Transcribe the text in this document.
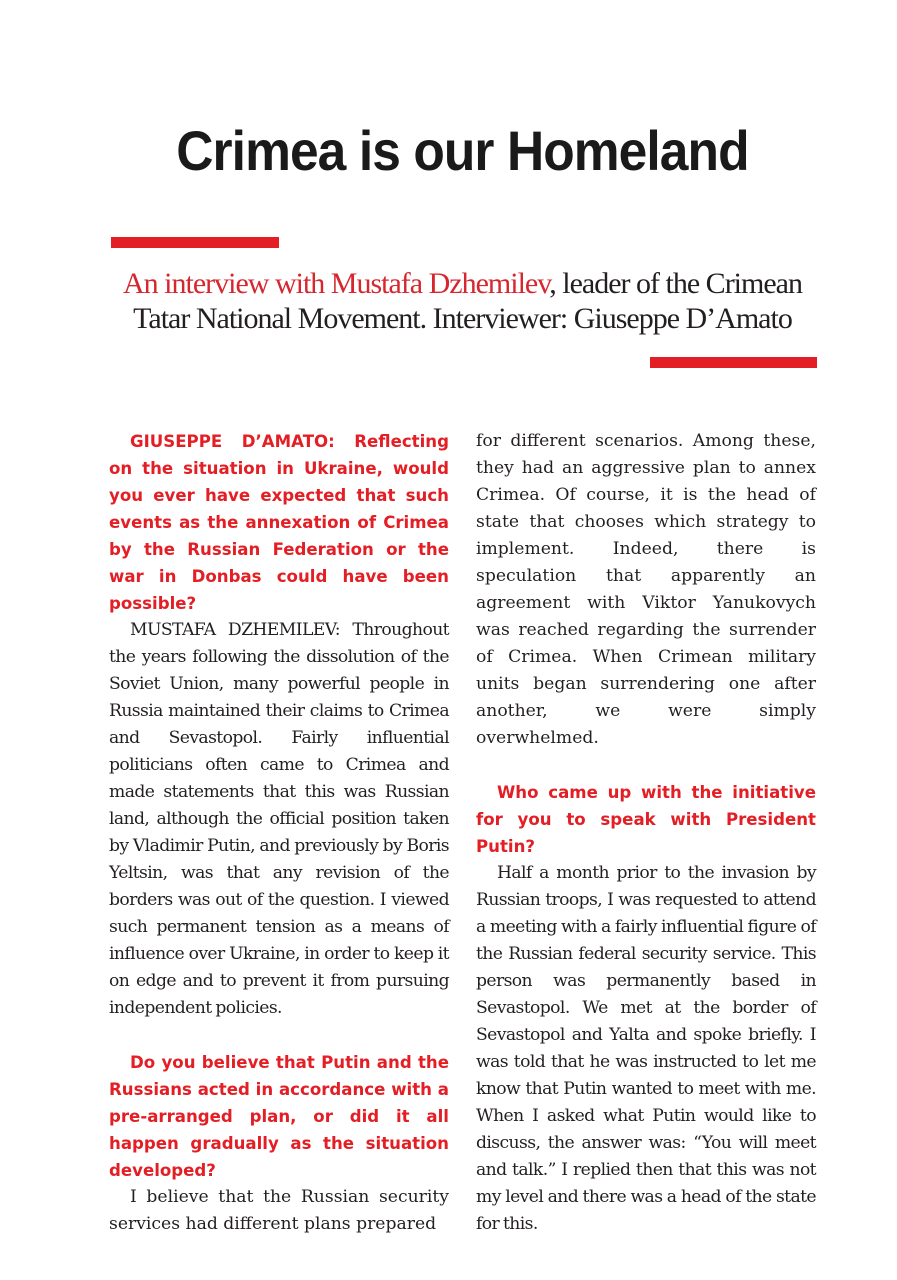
Crimea is our Homeland

An interview with Mustafa Dzhemilev, leader of the Crimean Tatar National Movement. Interviewer: Giuseppe D’Amato

GIUSEPPE D’AMATO: Reflecting on the situation in Ukraine, would you ever have expected that such events as the annexation of Crimea by the Russian Federation or the war in Donbas could have been possible?

MUSTAFA DZHEMILEV: Throughout the years following the dissolution of the Soviet Union, many powerful people in Russia maintained their claims to Crimea and Sevastopol. Fairly influential politicians often came to Crimea and made statements that this was Russian land, although the official position taken by Vladimir Putin, and previously by Boris Yeltsin, was that any revision of the borders was out of the question. I viewed such permanent tension as a means of influence over Ukraine, in order to keep it on edge and to prevent it from pursuing independent policies.

Do you believe that Putin and the Russians acted in accordance with a pre-arranged plan, or did it all happen gradually as the situation developed?

I believe that the Russian security services had different plans prepared

for different scenarios. Among these, they had an aggressive plan to annex Crimea. Of course, it is the head of state that chooses which strategy to implement. Indeed, there is speculation that apparently an agreement with Viktor Yanukovych was reached regarding the surrender of Crimea. When Crimean military units began surrendering one after another, we were simply overwhelmed.

Who came up with the initiative for you to speak with President Putin?

Half a month prior to the invasion by Russian troops, I was requested to attend a meeting with a fairly influential figure of the Russian federal security service. This person was permanently based in Sevastopol. We met at the border of Sevastopol and Yalta and spoke briefly. I was told that he was instructed to let me know that Putin wanted to meet with me. When I asked what Putin would like to discuss, the answer was: “You will meet and talk.” I replied then that this was not my level and there was a head of the state for this.
